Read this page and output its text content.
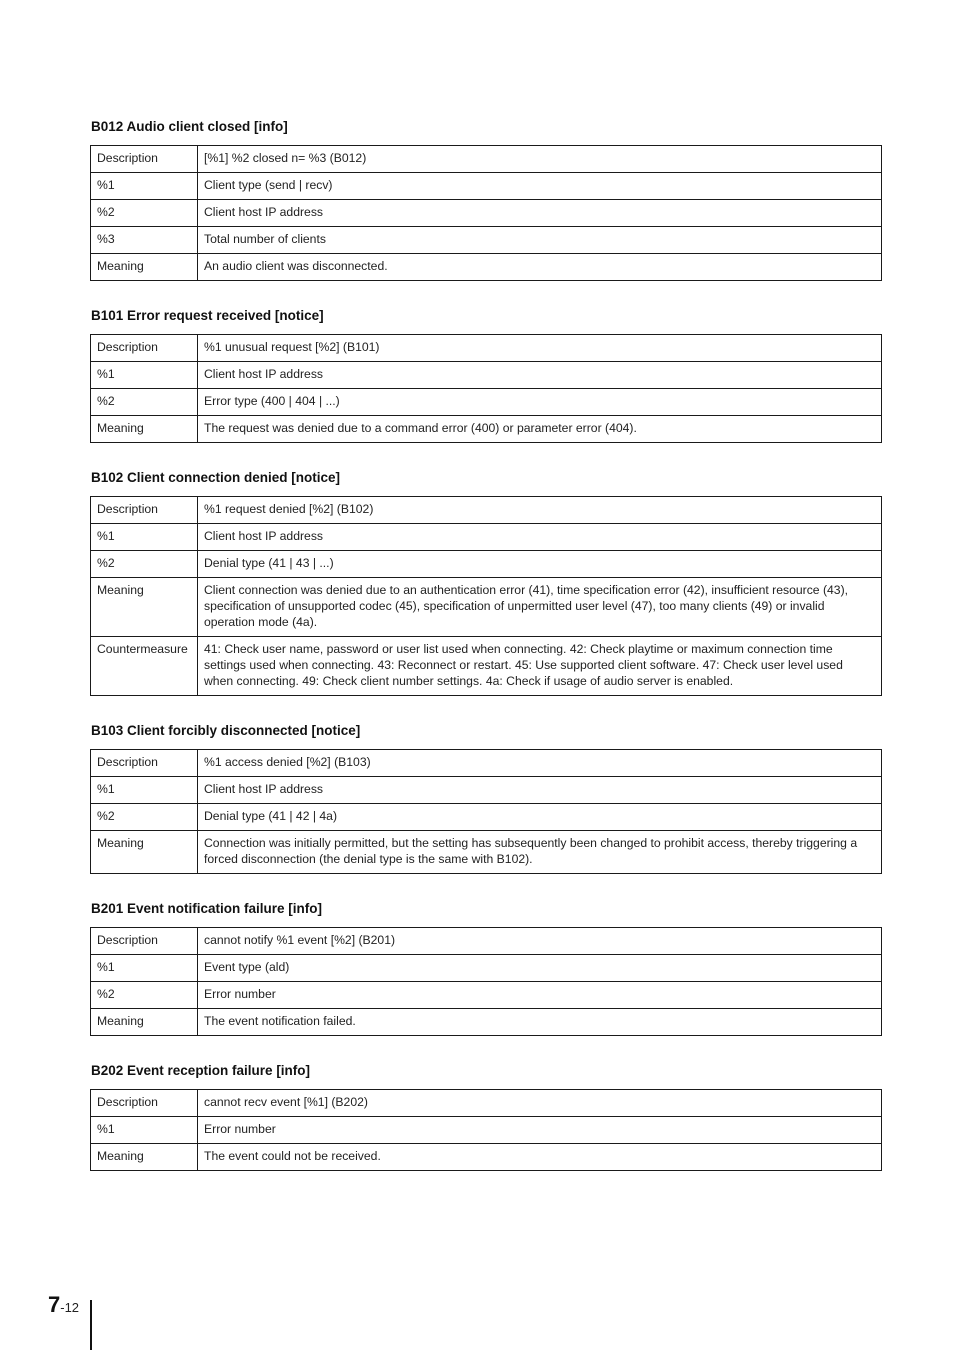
B012 Audio client closed [info]
Description	[%1] %2 closed n= %3 (B012)
%1	Client type (send | recv)
%2	Client host IP address
%3	Total number of clients
Meaning	An audio client was disconnected.
B101 Error request received [notice]
Description	%1 unusual request [%2] (B101)
%1	Client host IP address
%2	Error type (400 | 404 | ...)
Meaning	The request was denied due to a command error (400) or parameter error (404).
B102 Client connection denied [notice]
Description	%1 request denied [%2] (B102)
%1	Client host IP address
%2	Denial type (41 | 43 | ...)
Meaning	Client connection was denied due to an authentication error (41), time specification error (42), insufficient resource (43), specification of unsupported codec (45), specification of unpermitted user level (47), too many clients (49) or invalid operation mode (4a).
Countermeasure	41: Check user name, password or user list used when connecting. 42: Check playtime or maximum connection time settings used when connecting. 43: Reconnect or restart. 45: Use supported client software. 47: Check user level used when connecting. 49: Check client number settings. 4a: Check if usage of audio server is enabled.
B103 Client forcibly disconnected [notice]
Description	%1 access denied [%2] (B103)
%1	Client host IP address
%2	Denial type (41 | 42 | 4a)
Meaning	Connection was initially permitted, but the setting has subsequently been changed to prohibit access, thereby triggering a forced disconnection (the denial type is the same with B102).
B201 Event notification failure [info]
Description	cannot notify %1 event [%2] (B201)
%1	Event type (ald)
%2	Error number
Meaning	The event notification failed.
B202 Event reception failure [info]
Description	cannot recv event [%1] (B202)
%1	Error number
Meaning	The event could not be received.
7-12
